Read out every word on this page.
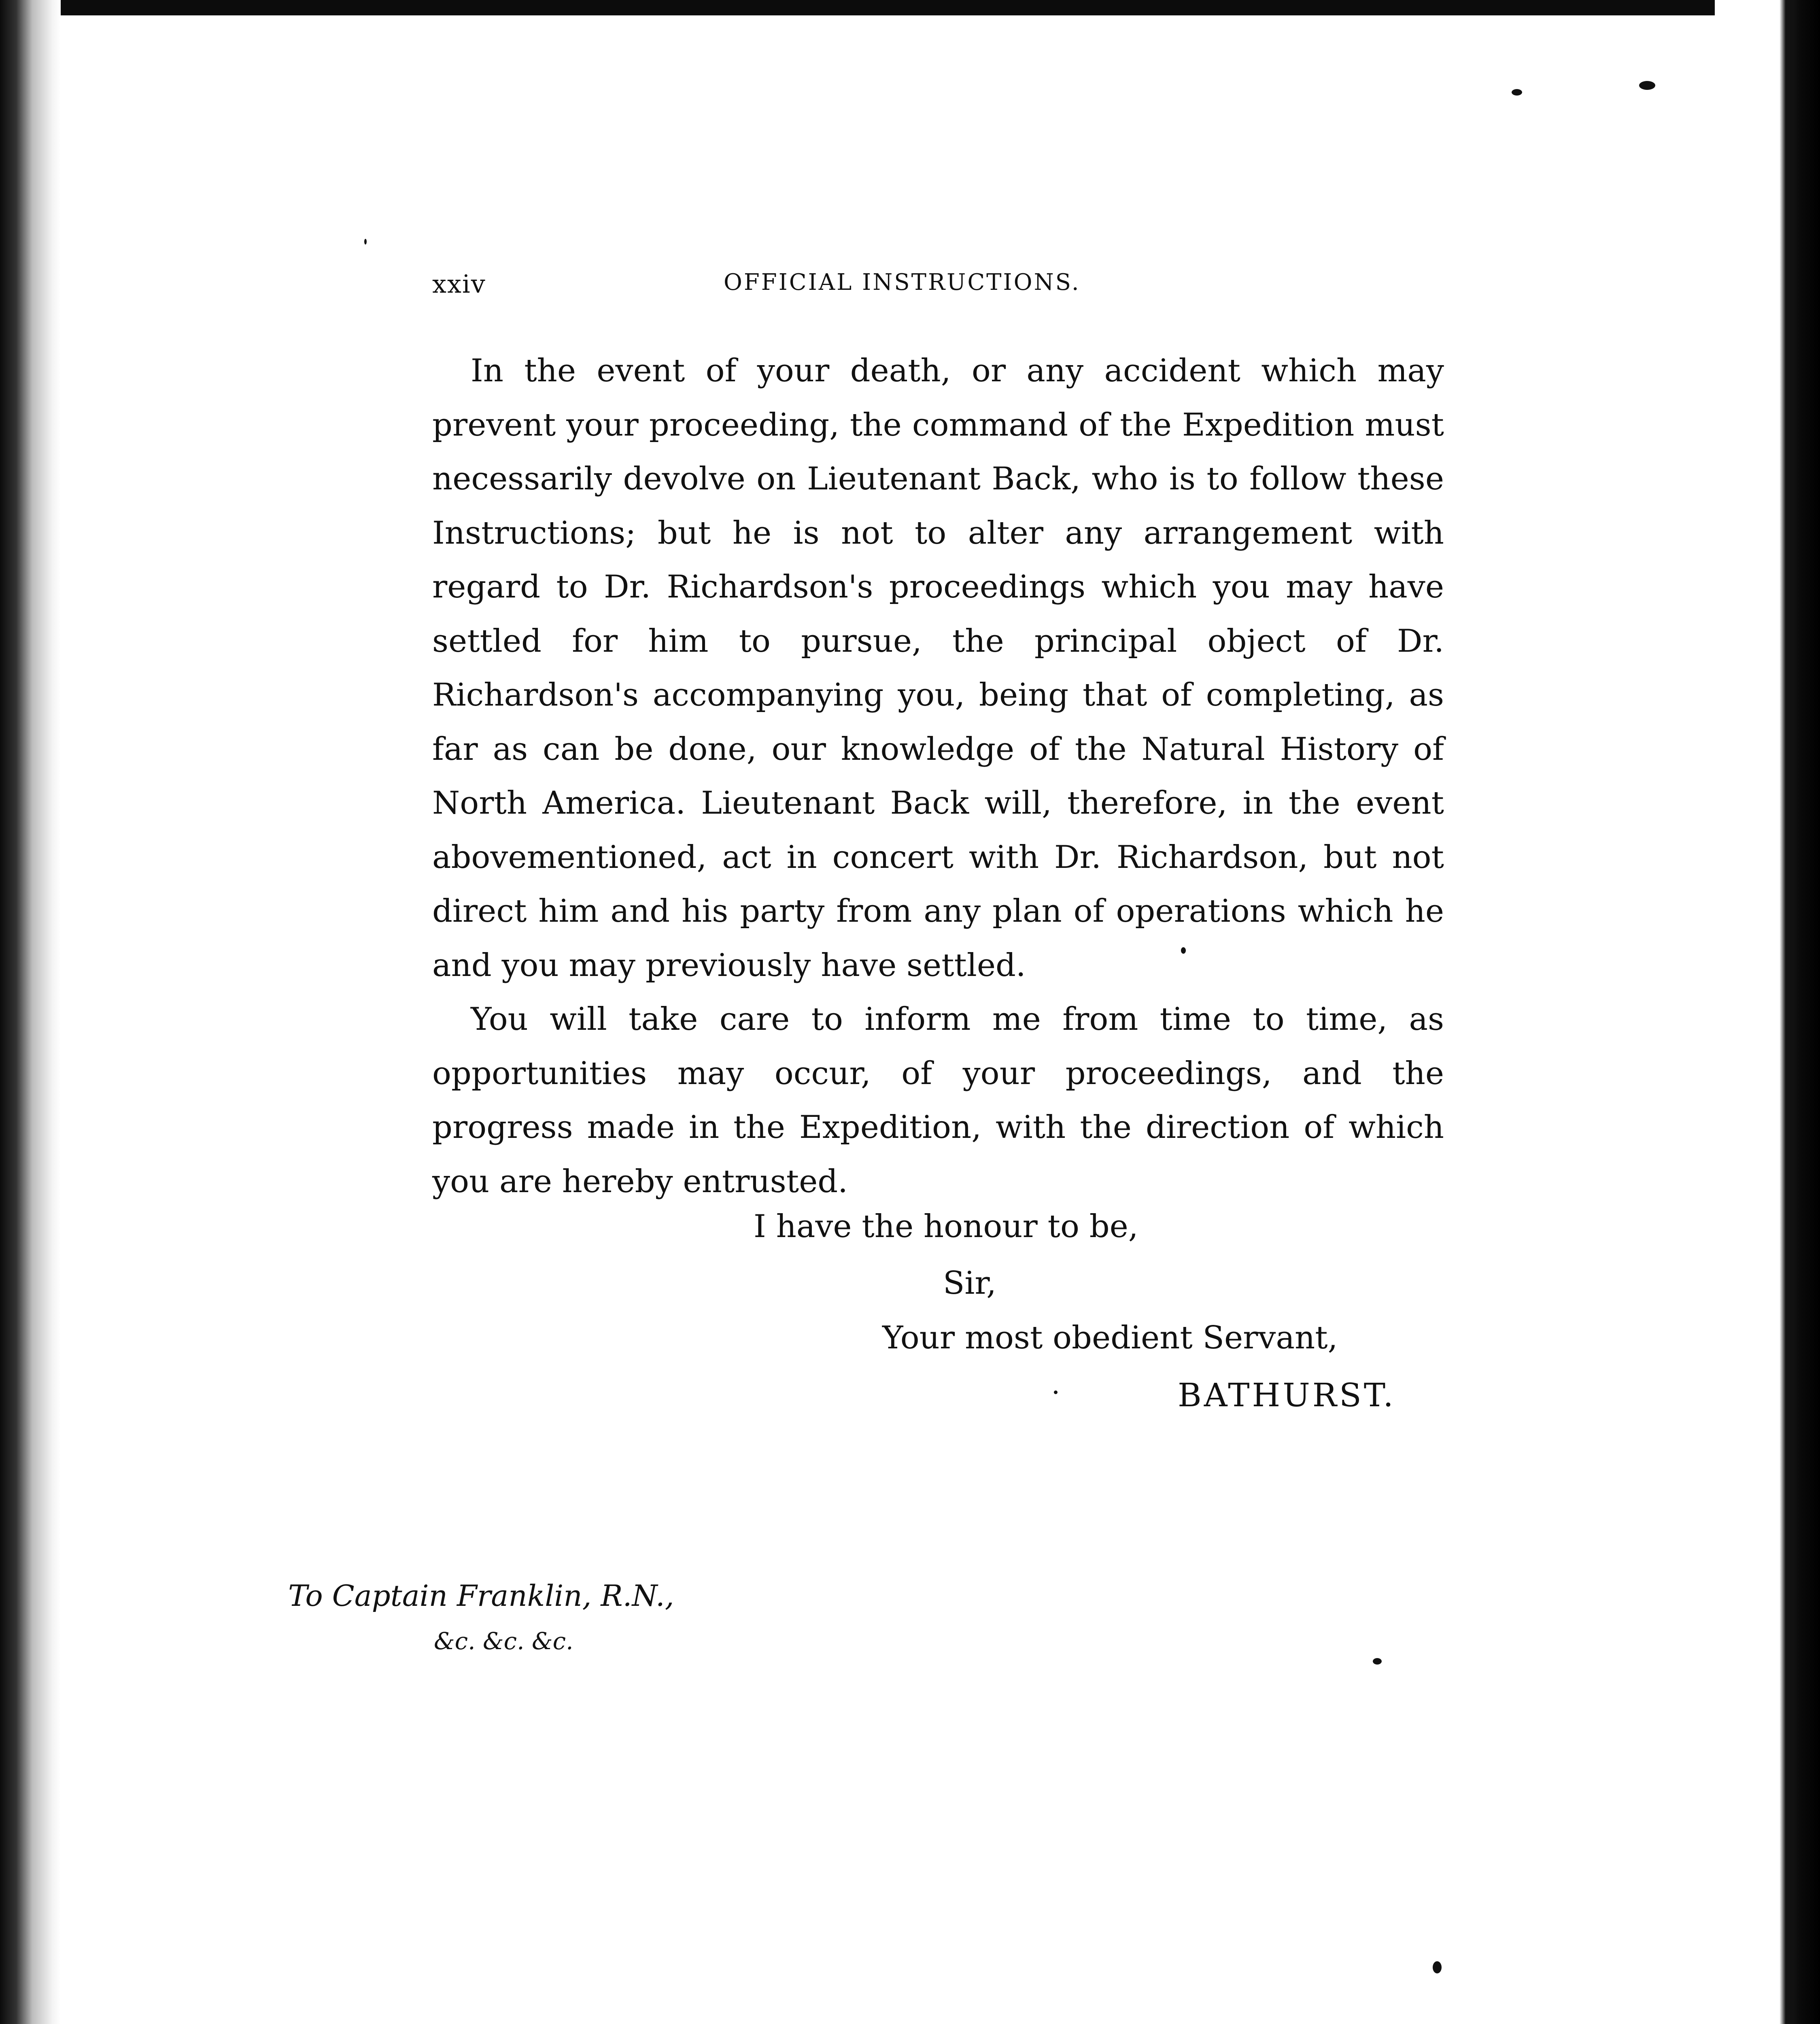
xxiv	OFFICIAL INSTRUCTIONS.

In the event of your death, or any accident which may prevent your proceeding, the command of the Expedition must necessarily devolve on Lieutenant Back, who is to follow these Instructions; but he is not to alter any arrangement with regard to Dr. Richardson's proceedings which you may have settled for him to pursue, the principal object of Dr. Richardson's accompanying you, being that of completing, as far as can be done, our knowledge of the Natural History of North America. Lieutenant Back will, therefore, in the event abovementioned, act in concert with Dr. Richardson, but not direct him and his party from any plan of operations which he and you may previously have settled.

You will take care to inform me from time to time, as opportunities may occur, of your proceedings, and the progress made in the Expedition, with the direction of which you are hereby entrusted.

I have the honour to be,
Sir,
Your most obedient Servant,
BATHURST.
To Captain Franklin, R.N.,
&c. &c. &c.
